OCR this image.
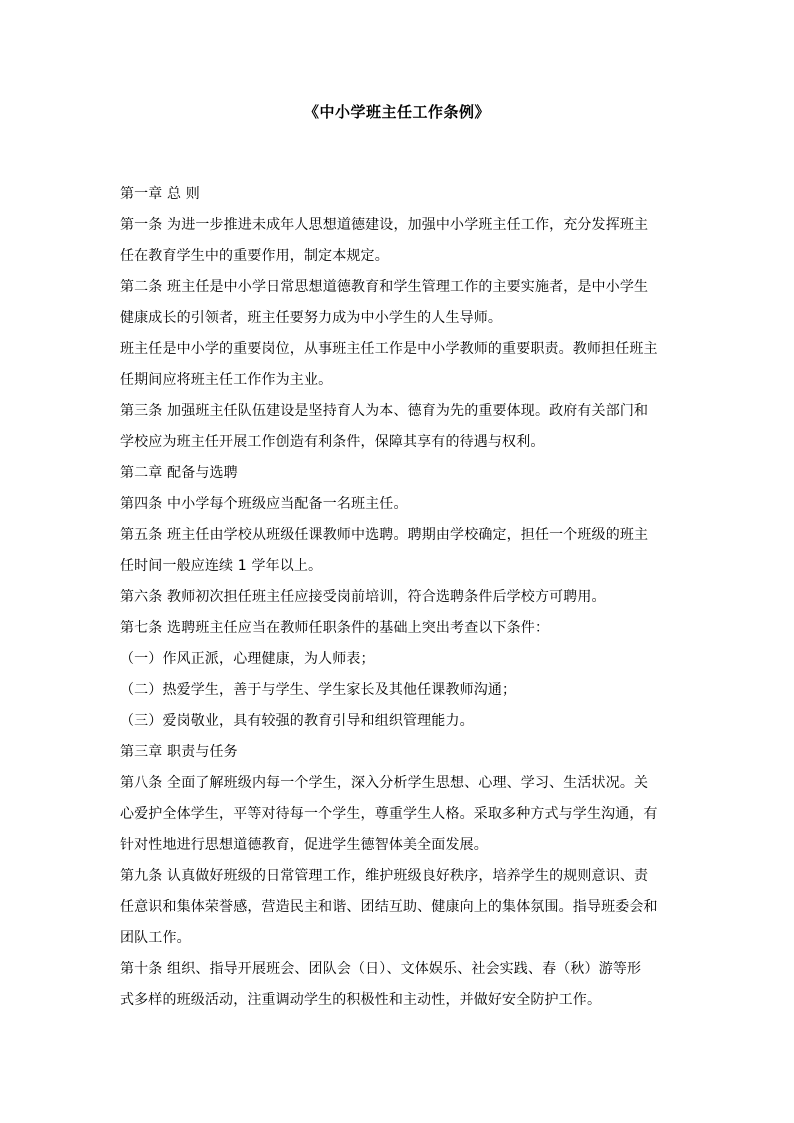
《中小学班主任工作条例》
第一章 总 则
第一条 为进一步推进未成年人思想道德建设，加强中小学班主任工作，充分发挥班主
任在教育学生中的重要作用，制定本规定。
第二条 班主任是中小学日常思想道德教育和学生管理工作的主要实施者，是中小学生
健康成长的引领者，班主任要努力成为中小学生的人生导师。
班主任是中小学的重要岗位，从事班主任工作是中小学教师的重要职责。教师担任班主
任期间应将班主任工作作为主业。
第三条 加强班主任队伍建设是坚持育人为本、德育为先的重要体现。政府有关部门和
学校应为班主任开展工作创造有利条件，保障其享有的待遇与权利。
第二章 配备与选聘
第四条 中小学每个班级应当配备一名班主任。
第五条 班主任由学校从班级任课教师中选聘。聘期由学校确定，担任一个班级的班主
任时间一般应连续 1 学年以上。
第六条 教师初次担任班主任应接受岗前培训，符合选聘条件后学校方可聘用。
第七条 选聘班主任应当在教师任职条件的基础上突出考查以下条件：
（一）作风正派，心理健康，为人师表；
（二）热爱学生，善于与学生、学生家长及其他任课教师沟通；
（三）爱岗敬业，具有较强的教育引导和组织管理能力。
第三章 职责与任务
第八条 全面了解班级内每一个学生，深入分析学生思想、心理、学习、生活状况。关
心爱护全体学生，平等对待每一个学生，尊重学生人格。采取多种方式与学生沟通，有
针对性地进行思想道德教育，促进学生德智体美全面发展。
第九条 认真做好班级的日常管理工作，维护班级良好秩序，培养学生的规则意识、责
任意识和集体荣誉感，营造民主和谐、团结互助、健康向上的集体氛围。指导班委会和
团队工作。
第十条 组织、指导开展班会、团队会（日）、文体娱乐、社会实践、春（秋）游等形
式多样的班级活动，注重调动学生的积极性和主动性，并做好安全防护工作。
